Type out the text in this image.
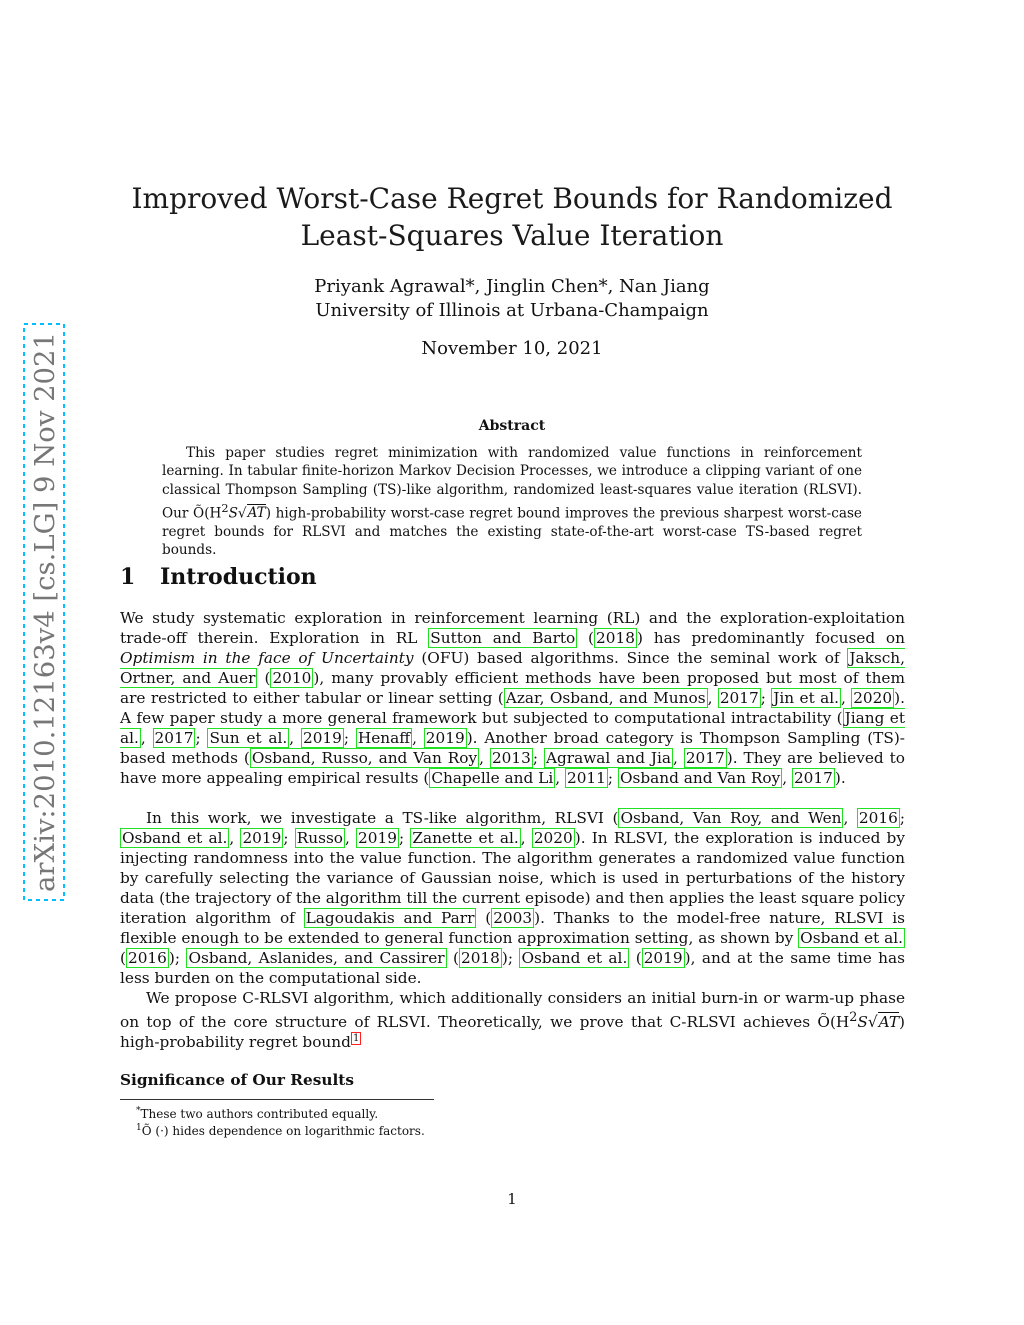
arXiv:2010.12163v4 [cs.LG] 9 Nov 2021
Improved Worst-Case Regret Bounds for Randomized
Least-Squares Value Iteration
Priyank Agrawal*, Jinglin Chen*, Nan Jiang
University of Illinois at Urbana-Champaign
November 10, 2021
Abstract

This paper studies regret minimization with randomized value functions in reinforcement learning. In tabular finite-horizon Markov Decision Processes, we introduce a clipping variant of one classical Thompson Sampling (TS)-like algorithm, randomized least-squares value iteration (RLSVI). Our $Õ(H^2S√AT)$ high-probability worst-case regret bound improves the previous sharpest worst-case regret bounds for RLSVI and matches the existing state-of-the-art worst-case TS-based regret bounds.

1 Introduction

We study systematic exploration in reinforcement learning (RL) and the exploration-exploitation trade-off therein. Exploration in RL Sutton and Barto ( 2018 ) has predominantly focused on Optimism in the face of Uncertainty (OFU) based algorithms. Since the seminal work of Jaksch, Ortner, and Auer ( 2010 ), many provably efficient methods have been proposed but most of them are restricted to either tabular or linear setting ( Azar, Osband, and Munos , 2017 ; Jin et al. , 2020 ). A few paper study a more general framework but subjected to computational intractability ( Jiang et al. , 2017 ; Sun et al. , 2019 ; Henaff , 2019 ). Another broad category is Thompson Sampling (TS)-based methods ( Osband, Russo, and Van Roy , 2013 ; Agrawal and Jia , 2017 ). They are believed to have more appealing empirical results ( Chapelle and Li , 2011 ; Osband and Van Roy , 2017 ).

In this work, we investigate a TS-like algorithm, RLSVI ( Osband, Van Roy, and Wen , 2016 ; Osband et al. , 2019 ; Russo , 2019 ; Zanette et al. , 2020 ). In RLSVI, the exploration is induced by injecting randomness into the value function. The algorithm generates a randomized value function by carefully selecting the variance of Gaussian noise, which is used in perturbations of the history data (the trajectory of the algorithm till the current episode) and then applies the least square policy iteration algorithm of Lagoudakis and Parr ( 2003 ). Thanks to the model-free nature, RLSVI is flexible enough to be extended to general function approximation setting, as shown by Osband et al. ( 2016 ); Osband, Aslanides, and Cassirer ( 2018 ); Osband et al. ( 2019 ), and at the same time has less burden on the computational side.

We propose C-RLSVI algorithm, which additionally considers an initial burn-in or warm-up phase on top of the core structure of RLSVI. Theoretically, we prove that C-RLSVI achieves $Õ(H^2S√AT)$ high-probability regret bound $^1$

Significance of Our Results
*These two authors contributed equally.
$^1$Õ (·) hides dependence on logarithmic factors.
1
